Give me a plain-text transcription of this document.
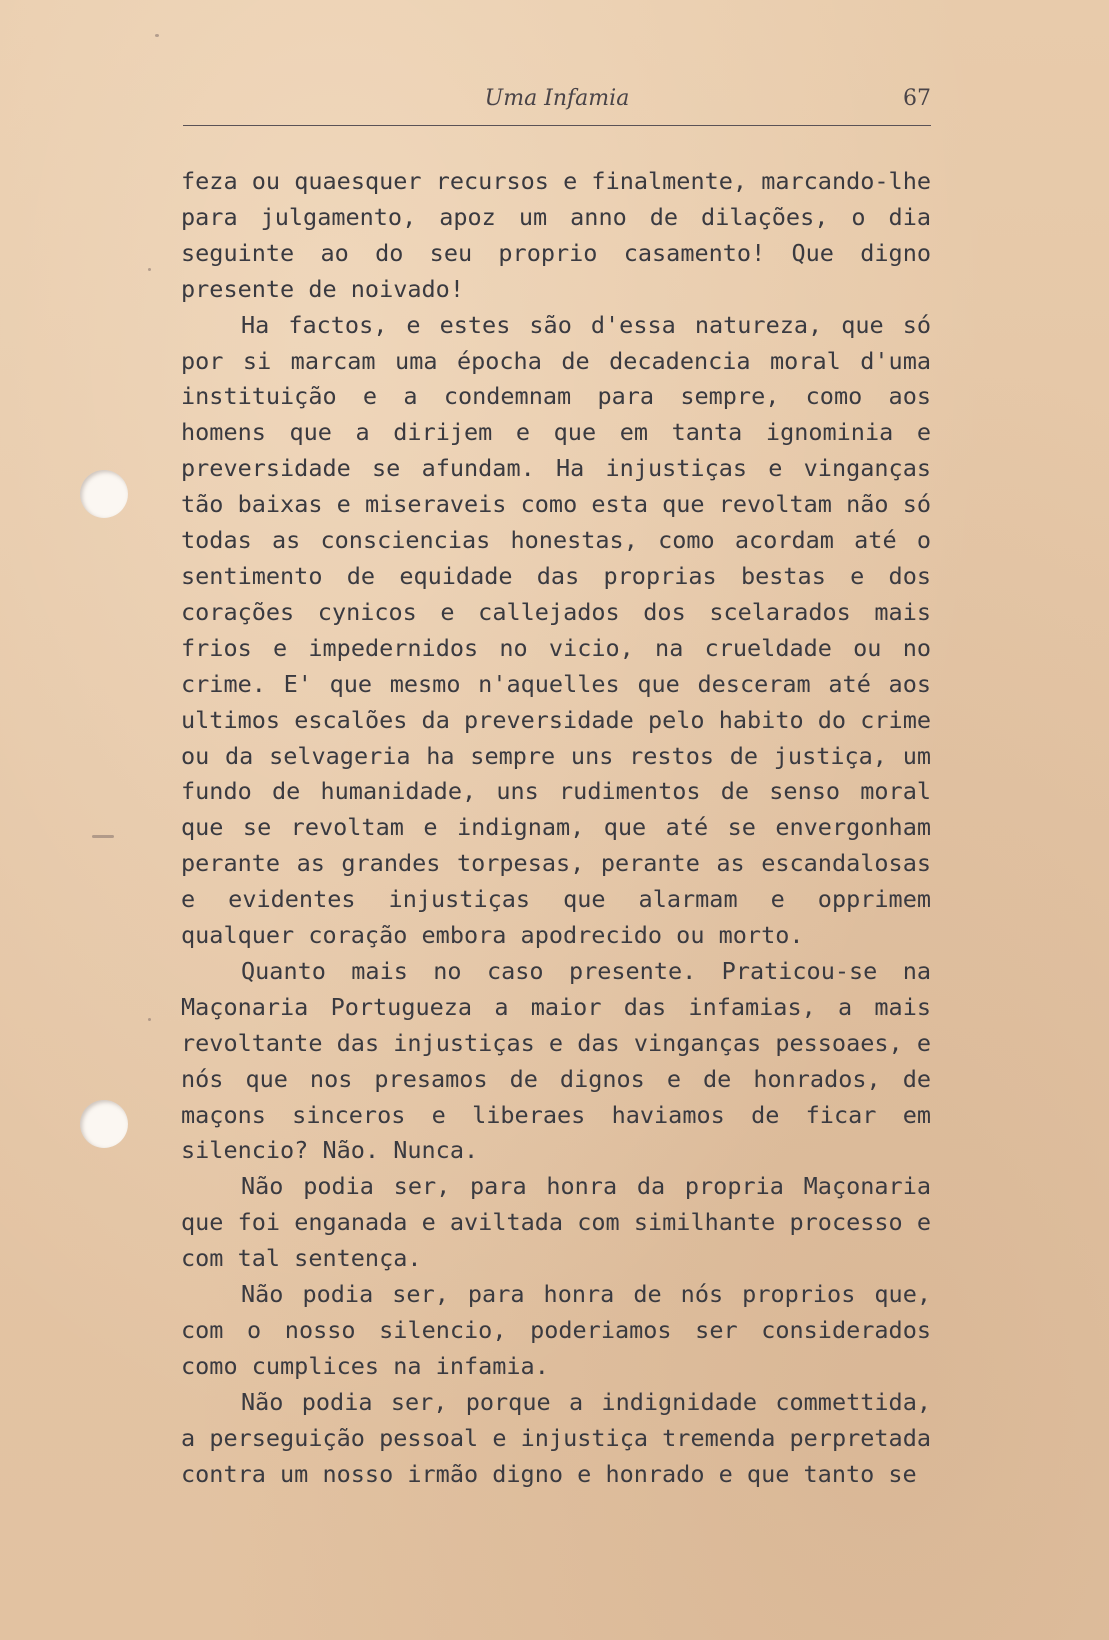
Uma Infamia	67

feza ou quaesquer recursos e finalmente, marcando-lhe para julgamento, apoz um anno de dilações, o dia seguinte ao do seu proprio casamento! Que digno presente de noivado!

Ha factos, e estes são d'essa natureza, que só por si marcam uma épocha de decadencia moral d'uma instituição e a condemnam para sempre, como aos homens que a dirijem e que em tanta ignominia e preversidade se afundam. Ha injustiças e vinganças tão baixas e miseraveis como esta que revoltam não só todas as consciencias honestas, como acordam até o sentimento de equidade das proprias bestas e dos corações cynicos e callejados dos scelarados mais frios e impedernidos no vicio, na crueldade ou no crime. E' que mesmo n'aquelles que desceram até aos ultimos escalões da preversidade pelo habito do crime ou da selvageria ha sempre uns restos de justiça, um fundo de humanidade, uns rudimentos de senso moral que se revoltam e indignam, que até se envergonham perante as grandes torpesas, perante as escandalosas e evidentes injustiças que alarmam e opprimem qualquer coração embora apodrecido ou morto.

Quanto mais no caso presente. Praticou-se na Maçonaria Portugueza a maior das infamias, a mais revoltante das injustiças e das vinganças pessoaes, e nós que nos presamos de dignos e de honrados, de maçons sinceros e liberaes haviamos de ficar em silencio? Não. Nunca.

Não podia ser, para honra da propria Maçonaria que foi enganada e aviltada com similhante processo e com tal sentença.

Não podia ser, para honra de nós proprios que, com o nosso silencio, poderiamos ser considerados como cumplices na infamia.

Não podia ser, porque a indignidade commettida, a perseguição pessoal e injustiça tremenda perpretada contra um nosso irmão digno e honrado e que tanto se
